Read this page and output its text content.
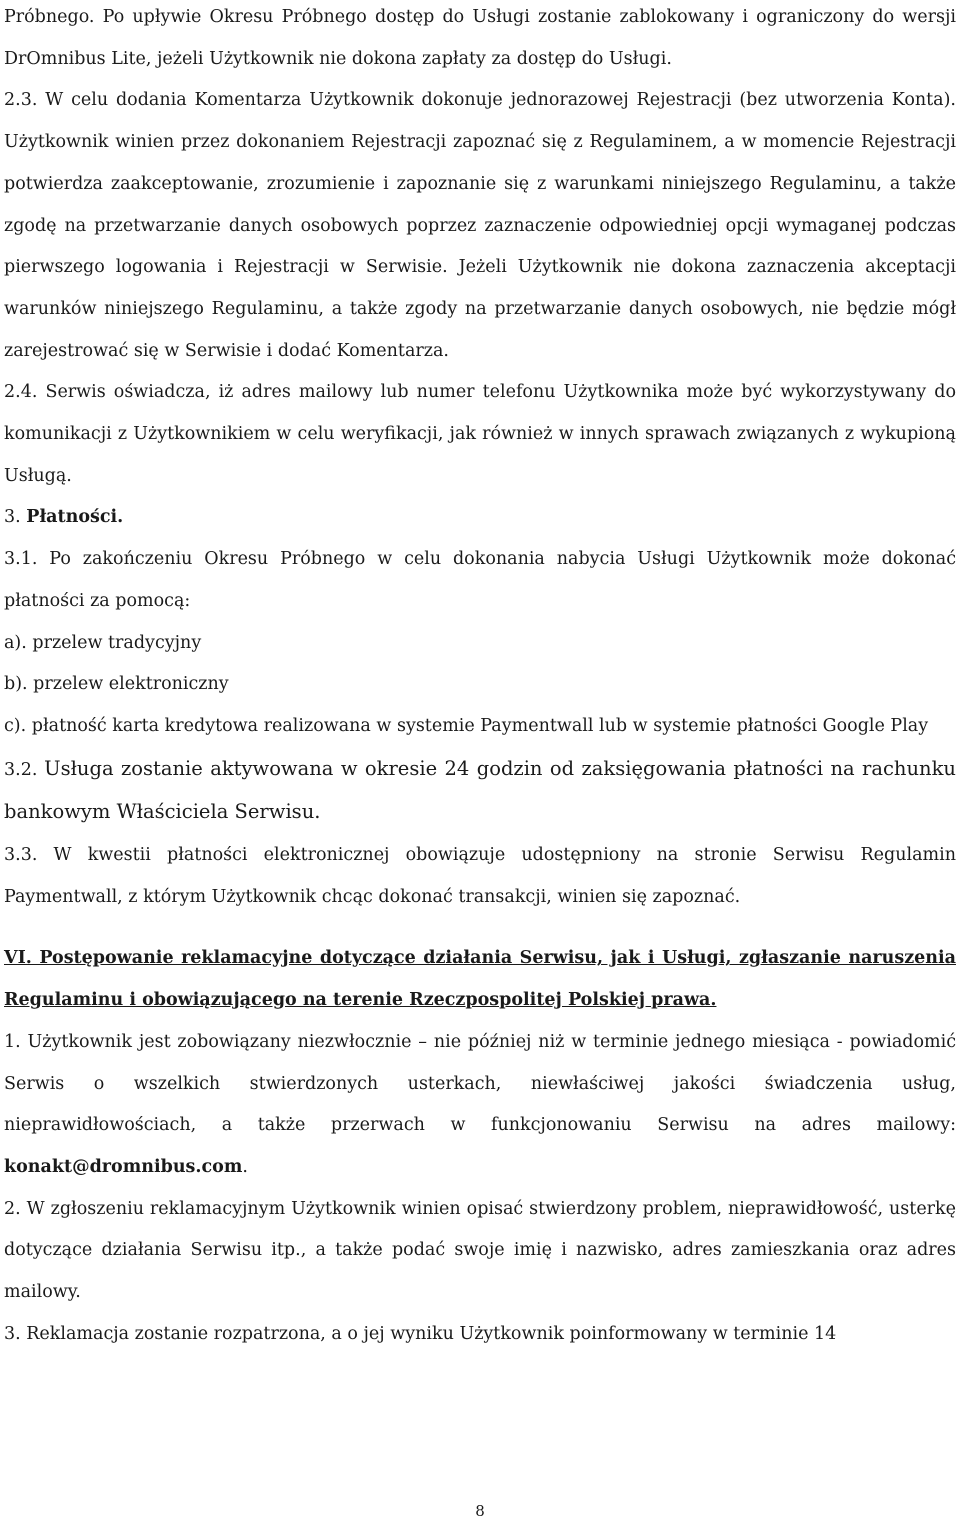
Próbnego. Po upływie Okresu Próbnego dostęp do Usługi zostanie zablokowany i ograniczony do wersji DrOmnibus Lite, jeżeli Użytkownik nie dokona zapłaty za dostęp do Usługi.

2.3. W celu dodania Komentarza Użytkownik dokonuje jednorazowej Rejestracji (bez utworzenia Konta). Użytkownik winien przez dokonaniem Rejestracji zapoznać się z Regulaminem, a w momencie Rejestracji potwierdza zaakceptowanie, zrozumienie i zapoznanie się z warunkami niniejszego Regulaminu, a także zgodę na przetwarzanie danych osobowych poprzez zaznaczenie odpowiedniej opcji wymaganej podczas pierwszego logowania i Rejestracji w Serwisie. Jeżeli Użytkownik nie dokona zaznaczenia akceptacji warunków niniejszego Regulaminu, a także zgody na przetwarzanie danych osobowych, nie będzie mógł zarejestrować się w Serwisie i dodać Komentarza.

2.4. Serwis oświadcza, iż adres mailowy lub numer telefonu Użytkownika może być wykorzystywany do komunikacji z Użytkownikiem w celu weryfikacji, jak również w innych sprawach związanych z wykupioną Usługą.

3. Płatności.

3.1. Po zakończeniu Okresu Próbnego w celu dokonania nabycia Usługi Użytkownik może dokonać płatności za pomocą:

a). przelew tradycyjny

b). przelew elektroniczny

c). płatność karta kredytowa realizowana w systemie Paymentwall lub w systemie płatności Google Play

3.2. Usługa zostanie aktywowana w okresie 24 godzin od zaksięgowania płatności na rachunku bankowym Właściciela Serwisu.

3.3. W kwestii płatności elektronicznej obowiązuje udostępniony na stronie Serwisu Regulamin Paymentwall, z którym Użytkownik chcąc dokonać transakcji, winien się zapoznać.

VI. Postępowanie reklamacyjne dotyczące działania Serwisu, jak i Usługi, zgłaszanie naruszenia Regulaminu i obowiązującego na terenie Rzeczpospolitej Polskiej prawa.

1. Użytkownik jest zobowiązany niezwłocznie – nie później niż w terminie jednego miesiąca - powiadomić Serwis o wszelkich stwierdzonych usterkach, niewłaściwej jakości świadczenia usług, nieprawidłowościach, a także przerwach w funkcjonowaniu Serwisu na adres mailowy: konakt@dromnibus.com.

2. W zgłoszeniu reklamacyjnym Użytkownik winien opisać stwierdzony problem, nieprawidłowość, usterkę dotyczące działania Serwisu itp., a także podać swoje imię i nazwisko, adres zamieszkania oraz adres mailowy.

3. Reklamacja zostanie rozpatrzona, a o jej wyniku Użytkownik poinformowany w terminie 14

8
